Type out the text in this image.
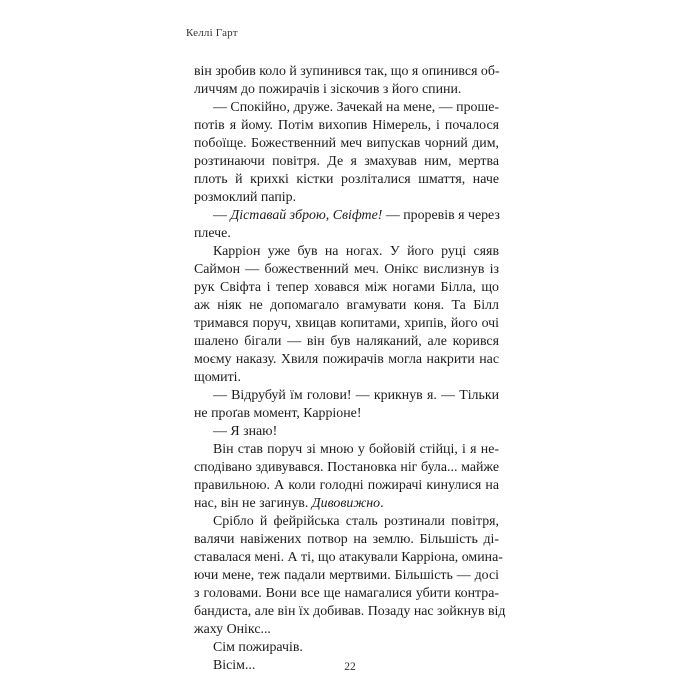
Келлі Гарт

він зробив коло й зупинився так, що я опинився об-
личчям до пожирачів і зіскочив з його спини.

— Спокійно, друже. Зачекай на мене, — проше-
потів я йому. Потім вихопив Німерель, і почалося
побоїще. Божественний меч випускав чорний дим,
розтинаючи повітря. Де я змахував ним, мертва
плоть й крихкі кістки розліталися шмаття, наче
розмоклий папір.

— Діставай зброю, Свіфте! — проревів я через
плече.

Карріон уже був на ногах. У його руці сяяв
Саймон — божественний меч. Онікс вислизнув із
рук Свіфта і тепер ховався між ногами Білла, що
аж ніяк не допомагало вгамувати коня. Та Білл
тримався поруч, хвицав копитами, хрипів, його очі
шалено бігали — він був наляканий, але корився
моєму наказу. Хвиля пожирачів могла накрити нас
щомиті.

— Відрубуй їм голови! — крикнув я. — Тільки
не проґав момент, Карріоне!

— Я знаю!

Він став поруч зі мною у бойовій стійці, і я не-
сподівано здивувався. Постановка ніг була... майже
правильною. А коли голодні пожирачі кинулися на
нас, він не загинув. Дивовижно.

Срібло й фейрійська сталь розтинали повітря,
валячи навіжених потвор на землю. Більшість ді-
ставалася мені. А ті, що атакували Карріона, омина-
ючи мене, теж падали мертвими. Більшість — досі
з головами. Вони все ще намагалися убити контра-
бандиста, але він їх добивав. Позаду нас зойкнув від
жаху Онікс...

Сім пожирачів.

Вісім...	22
